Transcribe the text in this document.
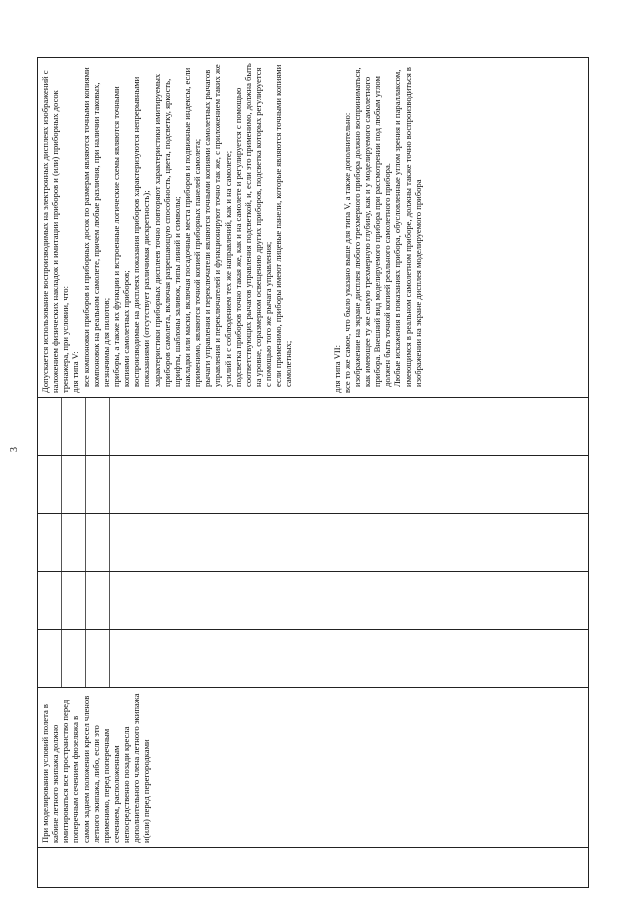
3

При моделировании условий полета в кабине летного экипажа должно имитироваться все пространство перед поперечным сечением фюзеляжа в самом заднем положении кресел членов летного экипажа, либо, если это применимо, перед поперечным сечением, расположенным непосредственно позади кресла дополнительного члена летного экипажа и(или) перед перегородками

Допускается использование воспроизводимых на электронных дисплеях изображений с наложением физических накладок и имитации приборов и (или) приборных досок тренажера, при условии, что: для типа V: все компоновки приборов и приборных досок по размерам являются точными копиями компоновок на реальном самолете, причем любые различия, при наличии таковых, незначимы для пилотов; приборы, а также их функции и встроенные логические схемы являются точными копиями самолетных приборов; воспроизводимые на дисплеях показания приборов характеризуются непрерывными показаниями (отсутствует различимая дискретность); характеристики приборных дисплеев точно повторяют характеристики имитируемых приборов самолета, включая разрешающую способность, цвета, подсветку, яркость, шрифты, шаблоны заливок, типы линий и символы; накладки или маски, включая посадочные места приборов и подвижные индексы, если применимо, являются точной копией приборных панелей самолета; рычаги управления и переключатели являются точными копиями самолетных рычагов управления и переключателей и функционируют точно так же, с приложением таких же усилий и с соблюдением тех же направлений, как и на самолете; подсветка приборов точно такая же, как и на самолете и регулируется с помощью соответствующих рычагов управления подсветкой, и, если это применимо, должна быть на уровне, соразмерном освещению других приборов, подсветка которых регулируется с помощью того же рычага управления; если применимо, приборы имеют лицевые панели, которые являются точными копиями самолетных;	для типа VII: все то же самое, что было указано выше для типа V, а также дополнительно: изображение на экране дисплея любого трехмерного прибора должно восприниматься, как имеющее ту же самую трехмерную глубину, как и у моделируемого самолетного прибора. Внешний вид моделируемого прибора при рассмотрении под любым углом должен быть точной копией реального самолетного прибора. Любые искажения в показаниях прибора, обусловленные углом зрения и параллаксом, имеющимся в реальном самолетном приборе, должны также точно воспроизводиться в изображении на экране дисплея моделируемого прибора
